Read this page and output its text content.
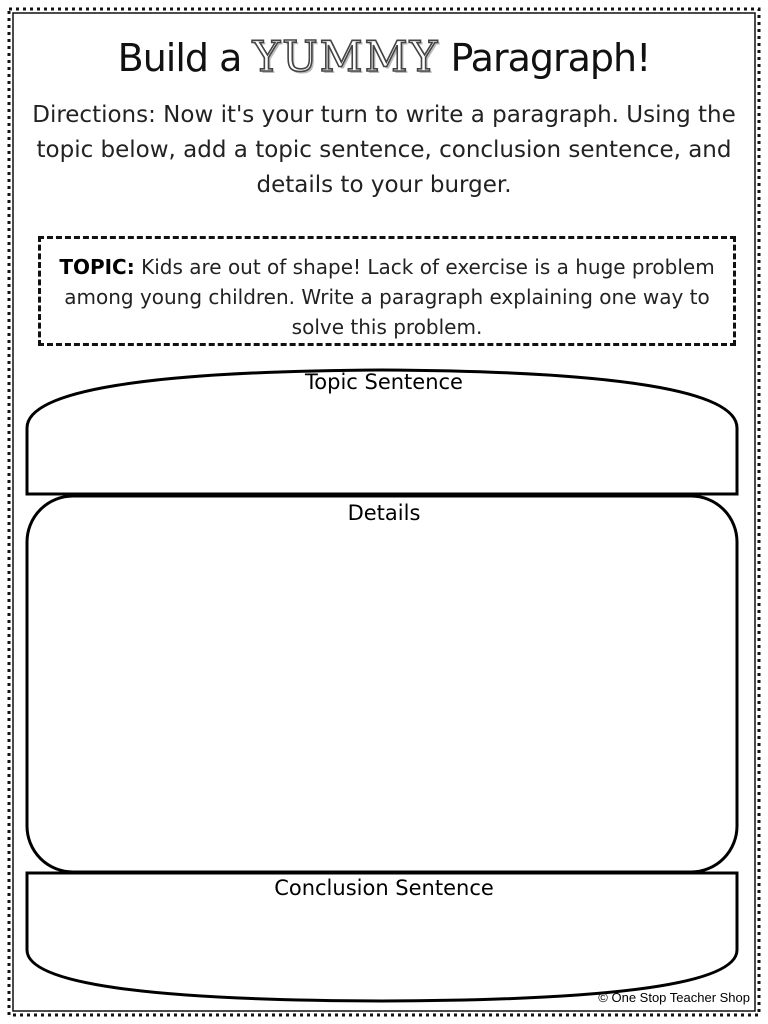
Build a YUMMY Paragraph!
Directions: Now it's your turn to write a paragraph. Using the topic below, add a topic sentence, conclusion sentence, and details to your burger.
TOPIC: Kids are out of shape! Lack of exercise is a huge problem among young children. Write a paragraph explaining one way to solve this problem.
Topic Sentence
Details
Conclusion Sentence
© One Stop Teacher Shop
